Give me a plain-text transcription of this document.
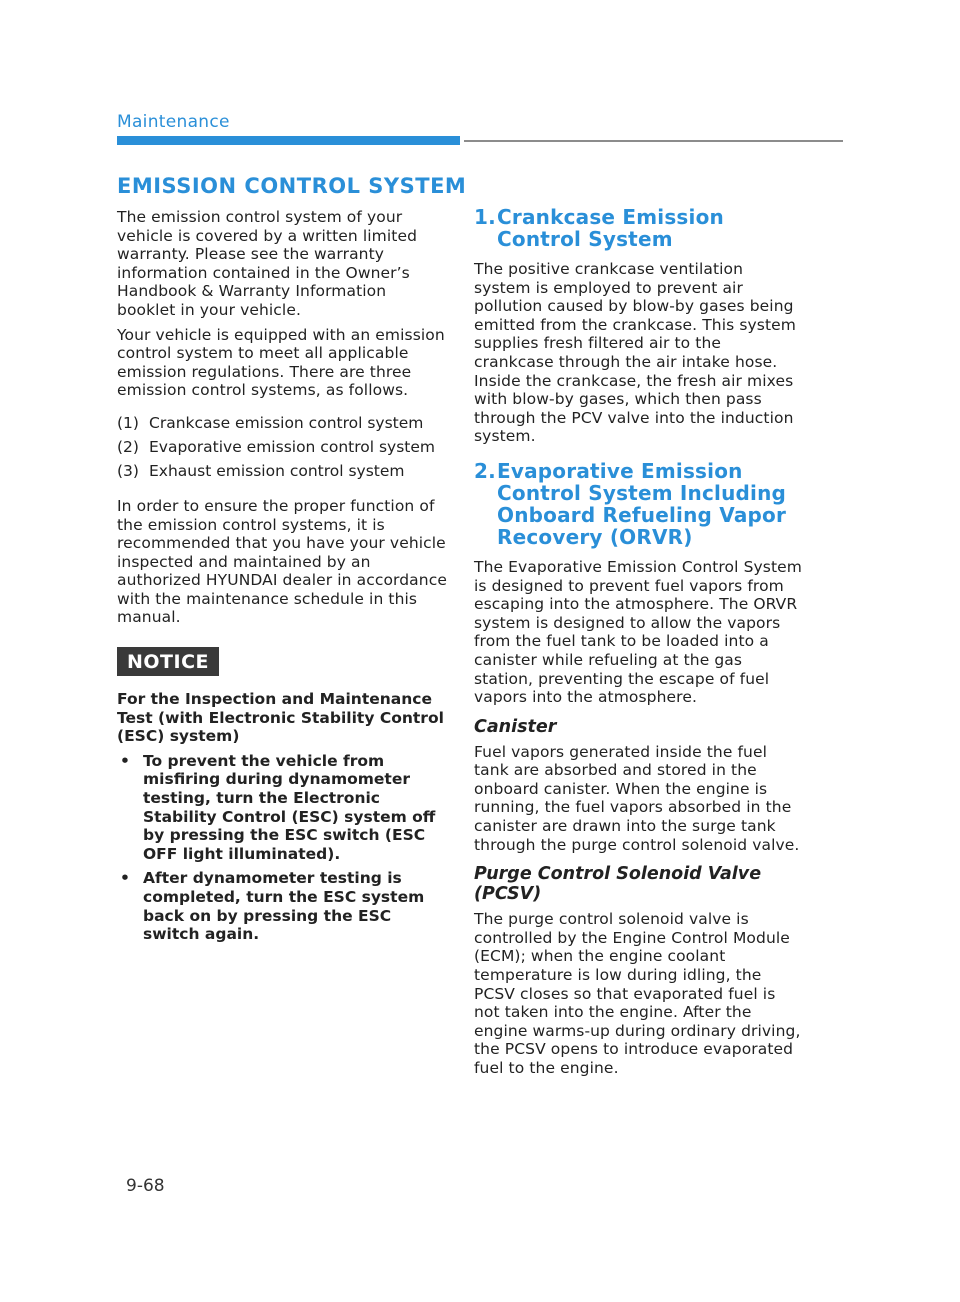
Maintenance
EMISSION CONTROL SYSTEM

The emission control system of your vehicle is covered by a written limited warranty. Please see the warranty information contained in the Owner’s Handbook & Warranty Information booklet in your vehicle.

Your vehicle is equipped with an emission control system to meet all applicable emission regulations. There are three emission control systems, as follows.

(1) Crankcase emission control system
(2) Evaporative emission control system
(3) Exhaust emission control system

In order to ensure the proper function of the emission control systems, it is recommended that you have your vehicle inspected and maintained by an authorized HYUNDAI dealer in accordance with the maintenance schedule in this manual.

NOTICE

For the Inspection and Maintenance Test (with Electronic Stability Control (ESC) system)

• To prevent the vehicle from misfiring during dynamometer testing, turn the Electronic Stability Control (ESC) system off by pressing the ESC switch (ESC OFF light illuminated).
• After dynamometer testing is completed, turn the ESC system back on by pressing the ESC switch again.
1. Crankcase Emission Control System

The positive crankcase ventilation system is employed to prevent air pollution caused by blow-by gases being emitted from the crankcase. This system supplies fresh filtered air to the crankcase through the air intake hose. Inside the crankcase, the fresh air mixes with blow-by gases, which then pass through the PCV valve into the induction system.

2. Evaporative Emission Control System Including Onboard Refueling Vapor Recovery (ORVR)

The Evaporative Emission Control System is designed to prevent fuel vapors from escaping into the atmosphere. The ORVR system is designed to allow the vapors from the fuel tank to be loaded into a canister while refueling at the gas station, preventing the escape of fuel vapors into the atmosphere.

Canister

Fuel vapors generated inside the fuel tank are absorbed and stored in the onboard canister. When the engine is running, the fuel vapors absorbed in the canister are drawn into the surge tank through the purge control solenoid valve.

Purge Control Solenoid Valve (PCSV)

The purge control solenoid valve is controlled by the Engine Control Module (ECM); when the engine coolant temperature is low during idling, the PCSV closes so that evaporated fuel is not taken into the engine. After the engine warms-up during ordinary driving, the PCSV opens to introduce evaporated fuel to the engine.

9-68
